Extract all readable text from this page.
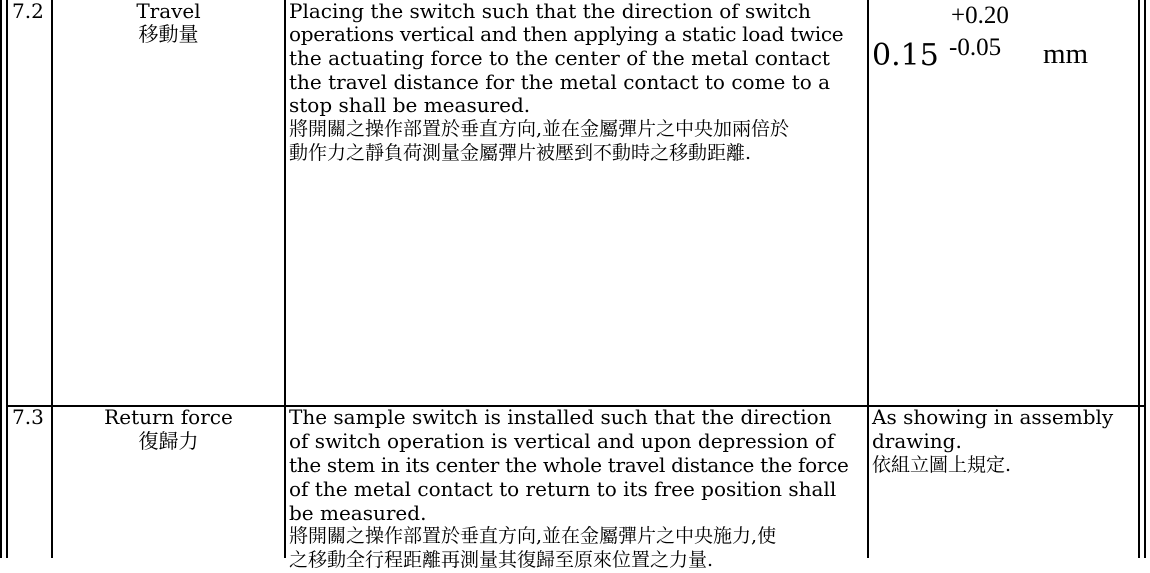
7.2	Travel
移動量
Placing the switch such that the direction of switch
operations vertical and then applying a static load twice
the actuating force to the center of the metal contact
the travel distance for the metal contact to come to a
stop shall be measured.
將開關之操作部置於垂直方向,並在金屬彈片之中央加兩倍於
動作力之靜負荷測量金屬彈片被壓到不動時之移動距離.
+0.20
0.15 -0.05 mm
7.3	Return force
復歸力
The sample switch is installed such that the direction
of switch operation is vertical and upon depression of
the stem in its center the whole travel distance the force
of the metal contact to return to its free position shall
be measured.
將開關之操作部置於垂直方向,並在金屬彈片之中央施力,使
之移動全行程距離再測量其復歸至原來位置之力量.
As showing in assembly
drawing.
依組立圖上規定.
